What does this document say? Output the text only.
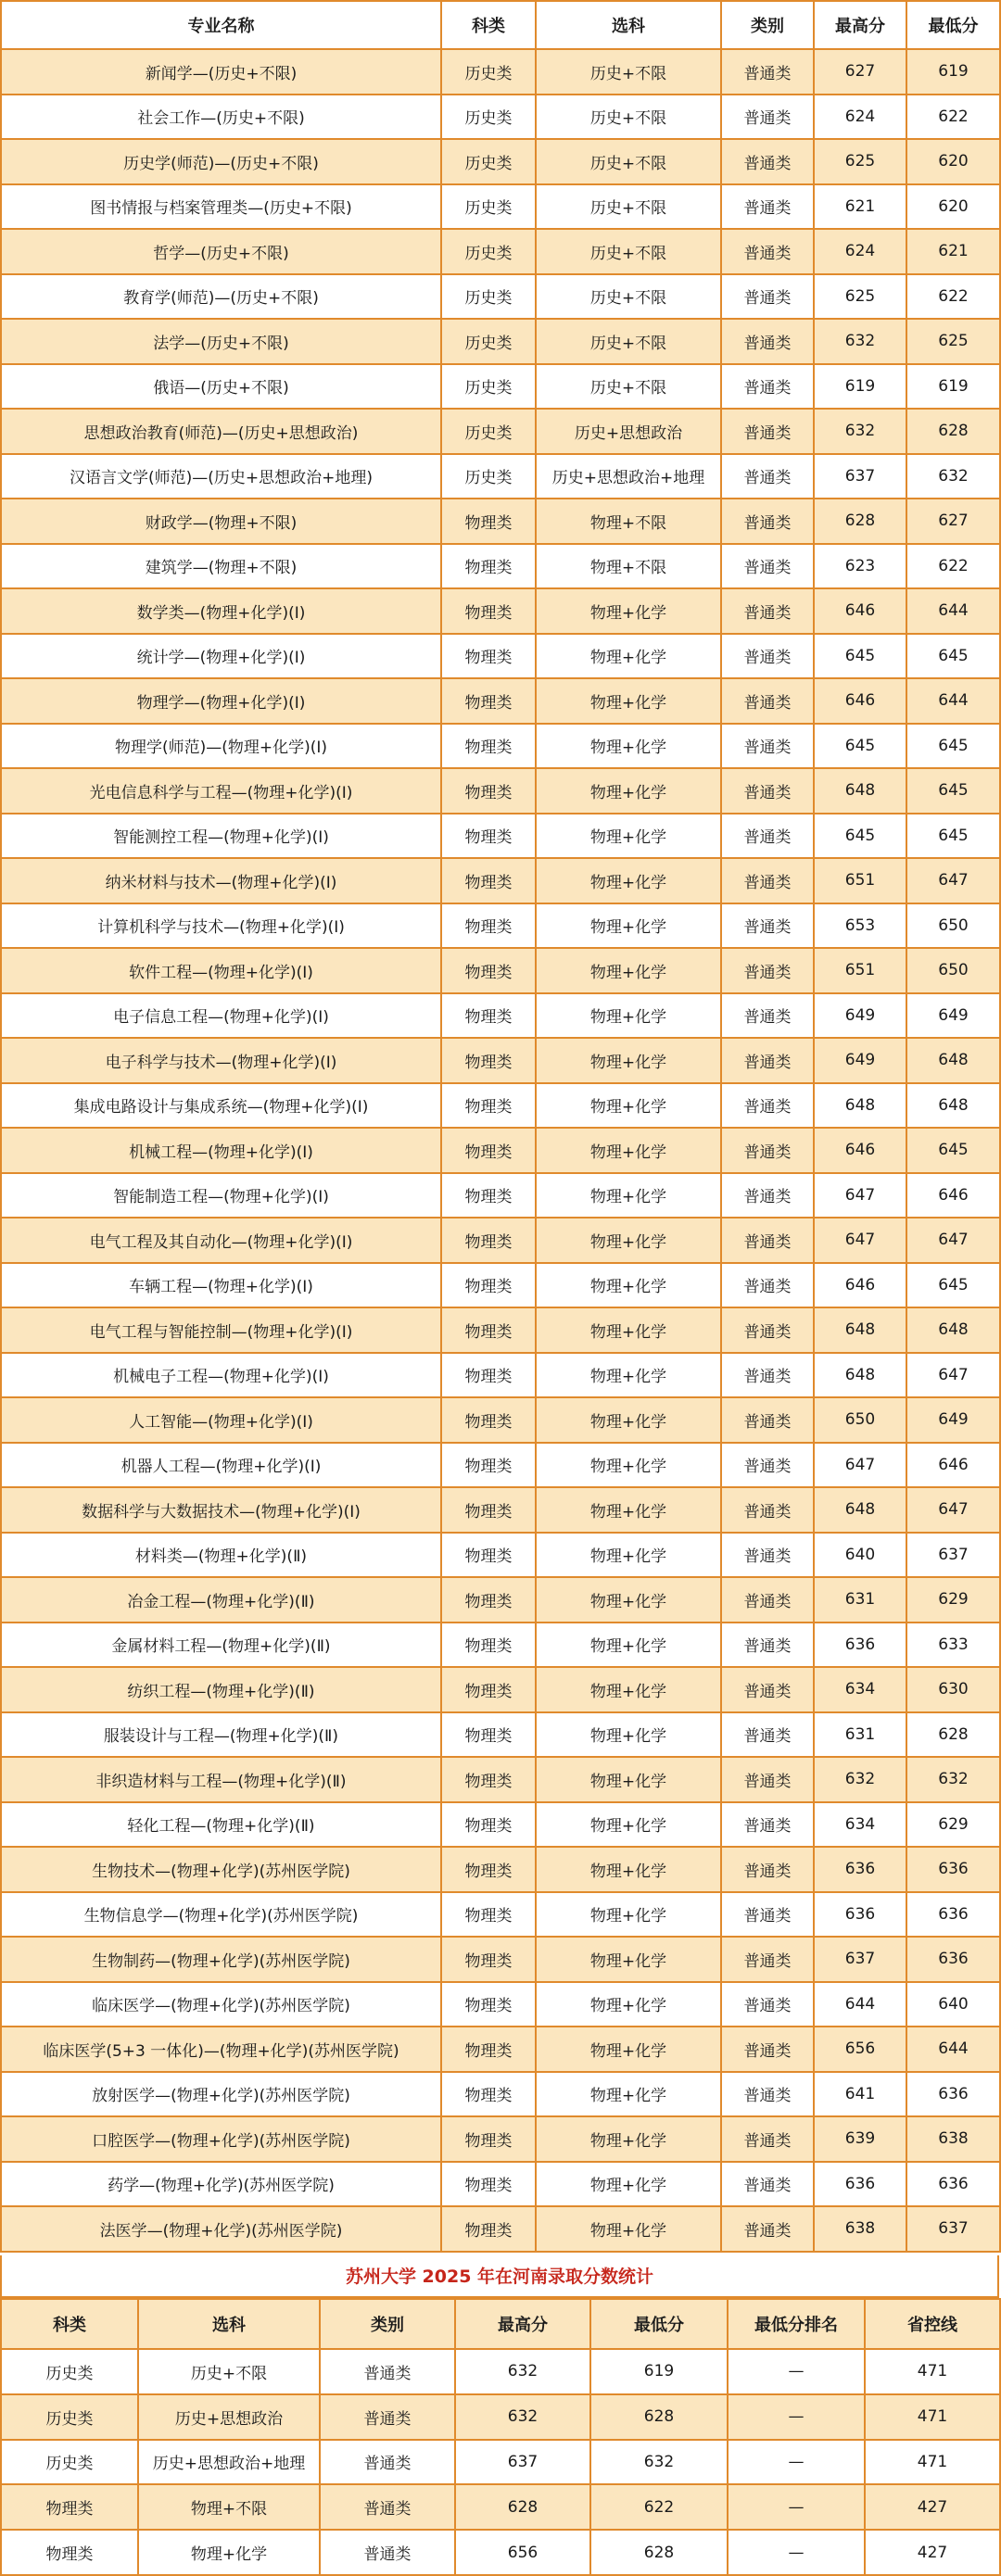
专业名称	科类	选科	类别	最高分	最低分
新闻学—(历史+不限)	历史类	历史+不限	普通类	627	619
社会工作—(历史+不限)	历史类	历史+不限	普通类	624	622
历史学(师范)—(历史+不限)	历史类	历史+不限	普通类	625	620
图书情报与档案管理类—(历史+不限)	历史类	历史+不限	普通类	621	620
哲学—(历史+不限)	历史类	历史+不限	普通类	624	621
教育学(师范)—(历史+不限)	历史类	历史+不限	普通类	625	622
法学—(历史+不限)	历史类	历史+不限	普通类	632	625
俄语—(历史+不限)	历史类	历史+不限	普通类	619	619
思想政治教育(师范)—(历史+思想政治)	历史类	历史+思想政治	普通类	632	628
汉语言文学(师范)—(历史+思想政治+地理)	历史类	历史+思想政治+地理	普通类	637	632
财政学—(物理+不限)	物理类	物理+不限	普通类	628	627
建筑学—(物理+不限)	物理类	物理+不限	普通类	623	622
数学类—(物理+化学)(Ⅰ)	物理类	物理+化学	普通类	646	644
统计学—(物理+化学)(Ⅰ)	物理类	物理+化学	普通类	645	645
物理学—(物理+化学)(Ⅰ)	物理类	物理+化学	普通类	646	644
物理学(师范)—(物理+化学)(Ⅰ)	物理类	物理+化学	普通类	645	645
光电信息科学与工程—(物理+化学)(Ⅰ)	物理类	物理+化学	普通类	648	645
智能测控工程—(物理+化学)(Ⅰ)	物理类	物理+化学	普通类	645	645
纳米材料与技术—(物理+化学)(Ⅰ)	物理类	物理+化学	普通类	651	647
计算机科学与技术—(物理+化学)(Ⅰ)	物理类	物理+化学	普通类	653	650
软件工程—(物理+化学)(Ⅰ)	物理类	物理+化学	普通类	651	650
电子信息工程—(物理+化学)(Ⅰ)	物理类	物理+化学	普通类	649	649
电子科学与技术—(物理+化学)(Ⅰ)	物理类	物理+化学	普通类	649	648
集成电路设计与集成系统—(物理+化学)(Ⅰ)	物理类	物理+化学	普通类	648	648
机械工程—(物理+化学)(Ⅰ)	物理类	物理+化学	普通类	646	645
智能制造工程—(物理+化学)(Ⅰ)	物理类	物理+化学	普通类	647	646
电气工程及其自动化—(物理+化学)(Ⅰ)	物理类	物理+化学	普通类	647	647
车辆工程—(物理+化学)(Ⅰ)	物理类	物理+化学	普通类	646	645
电气工程与智能控制—(物理+化学)(Ⅰ)	物理类	物理+化学	普通类	648	648
机械电子工程—(物理+化学)(Ⅰ)	物理类	物理+化学	普通类	648	647
人工智能—(物理+化学)(Ⅰ)	物理类	物理+化学	普通类	650	649
机器人工程—(物理+化学)(Ⅰ)	物理类	物理+化学	普通类	647	646
数据科学与大数据技术—(物理+化学)(Ⅰ)	物理类	物理+化学	普通类	648	647
材料类—(物理+化学)(Ⅱ)	物理类	物理+化学	普通类	640	637
冶金工程—(物理+化学)(Ⅱ)	物理类	物理+化学	普通类	631	629
金属材料工程—(物理+化学)(Ⅱ)	物理类	物理+化学	普通类	636	633
纺织工程—(物理+化学)(Ⅱ)	物理类	物理+化学	普通类	634	630
服装设计与工程—(物理+化学)(Ⅱ)	物理类	物理+化学	普通类	631	628
非织造材料与工程—(物理+化学)(Ⅱ)	物理类	物理+化学	普通类	632	632
轻化工程—(物理+化学)(Ⅱ)	物理类	物理+化学	普通类	634	629
生物技术—(物理+化学)(苏州医学院)	物理类	物理+化学	普通类	636	636
生物信息学—(物理+化学)(苏州医学院)	物理类	物理+化学	普通类	636	636
生物制药—(物理+化学)(苏州医学院)	物理类	物理+化学	普通类	637	636
临床医学—(物理+化学)(苏州医学院)	物理类	物理+化学	普通类	644	640
临床医学(5+3 一体化)—(物理+化学)(苏州医学院)	物理类	物理+化学	普通类	656	644
放射医学—(物理+化学)(苏州医学院)	物理类	物理+化学	普通类	641	636
口腔医学—(物理+化学)(苏州医学院)	物理类	物理+化学	普通类	639	638
药学—(物理+化学)(苏州医学院)	物理类	物理+化学	普通类	636	636
法医学—(物理+化学)(苏州医学院)	物理类	物理+化学	普通类	638	637
苏州大学 2025 年在河南录取分数统计
科类	选科	类别	最高分	最低分	最低分排名	省控线
历史类	历史+不限	普通类	632	619	—	471
历史类	历史+思想政治	普通类	632	628	—	471
历史类	历史+思想政治+地理	普通类	637	632	—	471
物理类	物理+不限	普通类	628	622	—	427
物理类	物理+化学	普通类	656	628	—	427
